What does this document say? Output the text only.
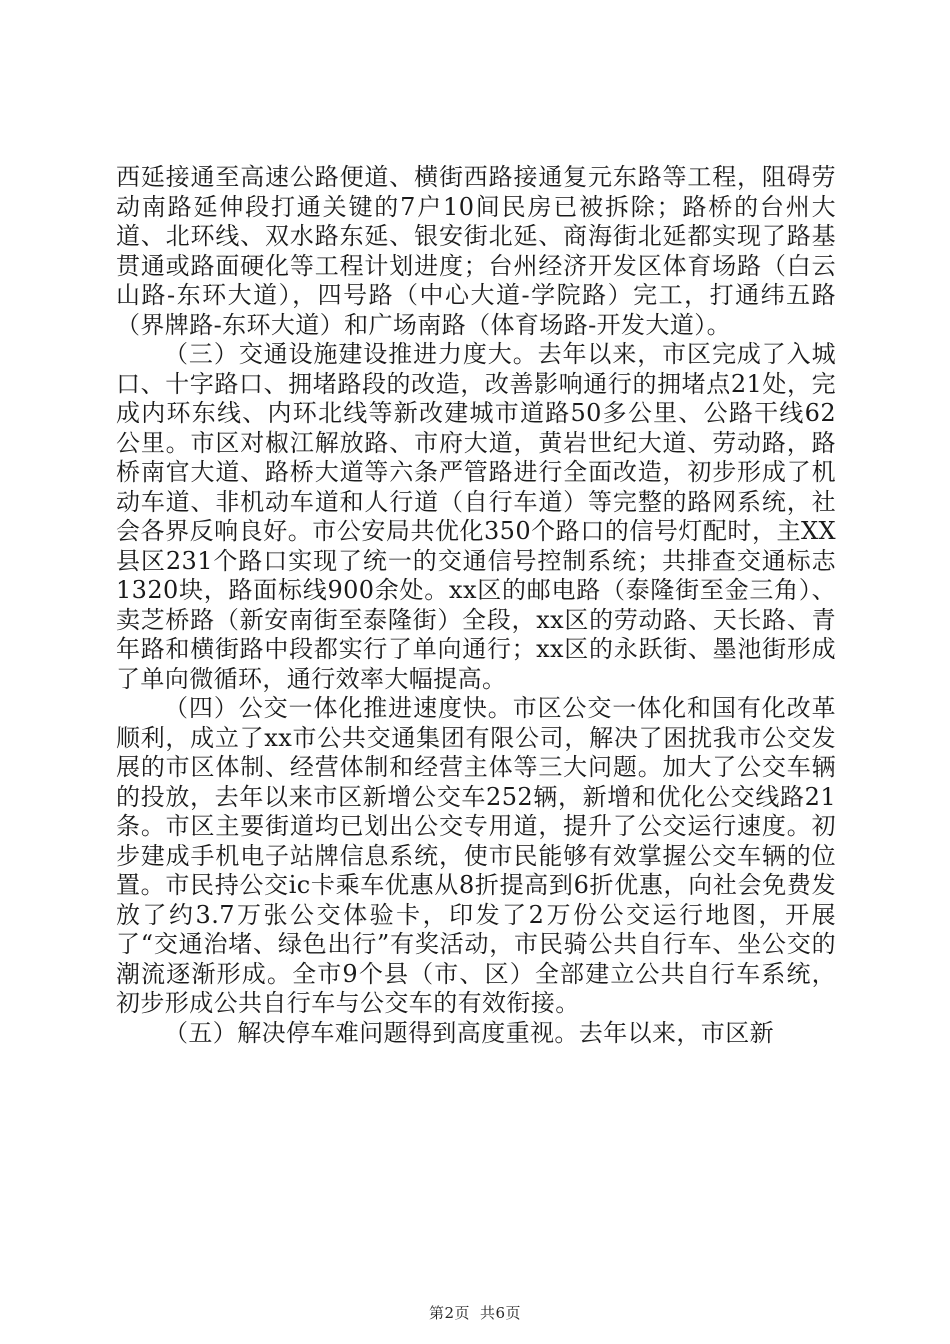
西延接通至高速公路便道、横街西路接通复元东路等工程，阻碍劳动南路延伸段打通关键的7户10间民房已被拆除；路桥的台州大道、北环线、双水路东延、银安街北延、商海街北延都实现了路基贯通或路面硬化等工程计划进度；台州经济开发区体育场路（白云山路-东环大道），四号路（中心大道-学院路）完工，打通纬五路（界牌路-东环大道）和广场南路（体育场路-开发大道）。

（三）交通设施建设推进力度大。去年以来，市区完成了入城口、十字路口、拥堵路段的改造，改善影响通行的拥堵点21处，完成内环东线、内环北线等新改建城市道路50多公里、公路干线62公里。市区对椒江解放路、市府大道，黄岩世纪大道、劳动路，路桥南官大道、路桥大道等六条严管路进行全面改造，初步形成了机动车道、非机动车道和人行道（自行车道）等完整的路网系统，社会各界反响良好。市公安局共优化350个路口的信号灯配时，主XX县区231个路口实现了统一的交通信号控制系统；共排查交通标志1320块，路面标线900余处。xx区的邮电路（泰隆街至金三角）、卖芝桥路（新安南街至泰隆街）全段，xx区的劳动路、天长路、青年路和横街路中段都实行了单向通行；xx区的永跃街、墨池街形成了单向微循环，通行效率大幅提高。

（四）公交一体化推进速度快。市区公交一体化和国有化改革顺利，成立了xx市公共交通集团有限公司，解决了困扰我市公交发展的市区体制、经营体制和经营主体等三大问题。加大了公交车辆的投放，去年以来市区新增公交车252辆，新增和优化公交线路21条。市区主要街道均已划出公交专用道，提升了公交运行速度。初步建成手机电子站牌信息系统，使市民能够有效掌握公交车辆的位置。市民持公交ic卡乘车优惠从8折提高到6折优惠，向社会免费发放了约3.7万张公交体验卡，印发了2万份公交运行地图，开展了“交通治堵、绿色出行”有奖活动，市民骑公共自行车、坐公交的潮流逐渐形成。全市9个县（市、区）全部建立公共自行车系统，初步形成公共自行车与公交车的有效衔接。

（五）解决停车难问题得到高度重视。去年以来，市区新

第2页 共6页
